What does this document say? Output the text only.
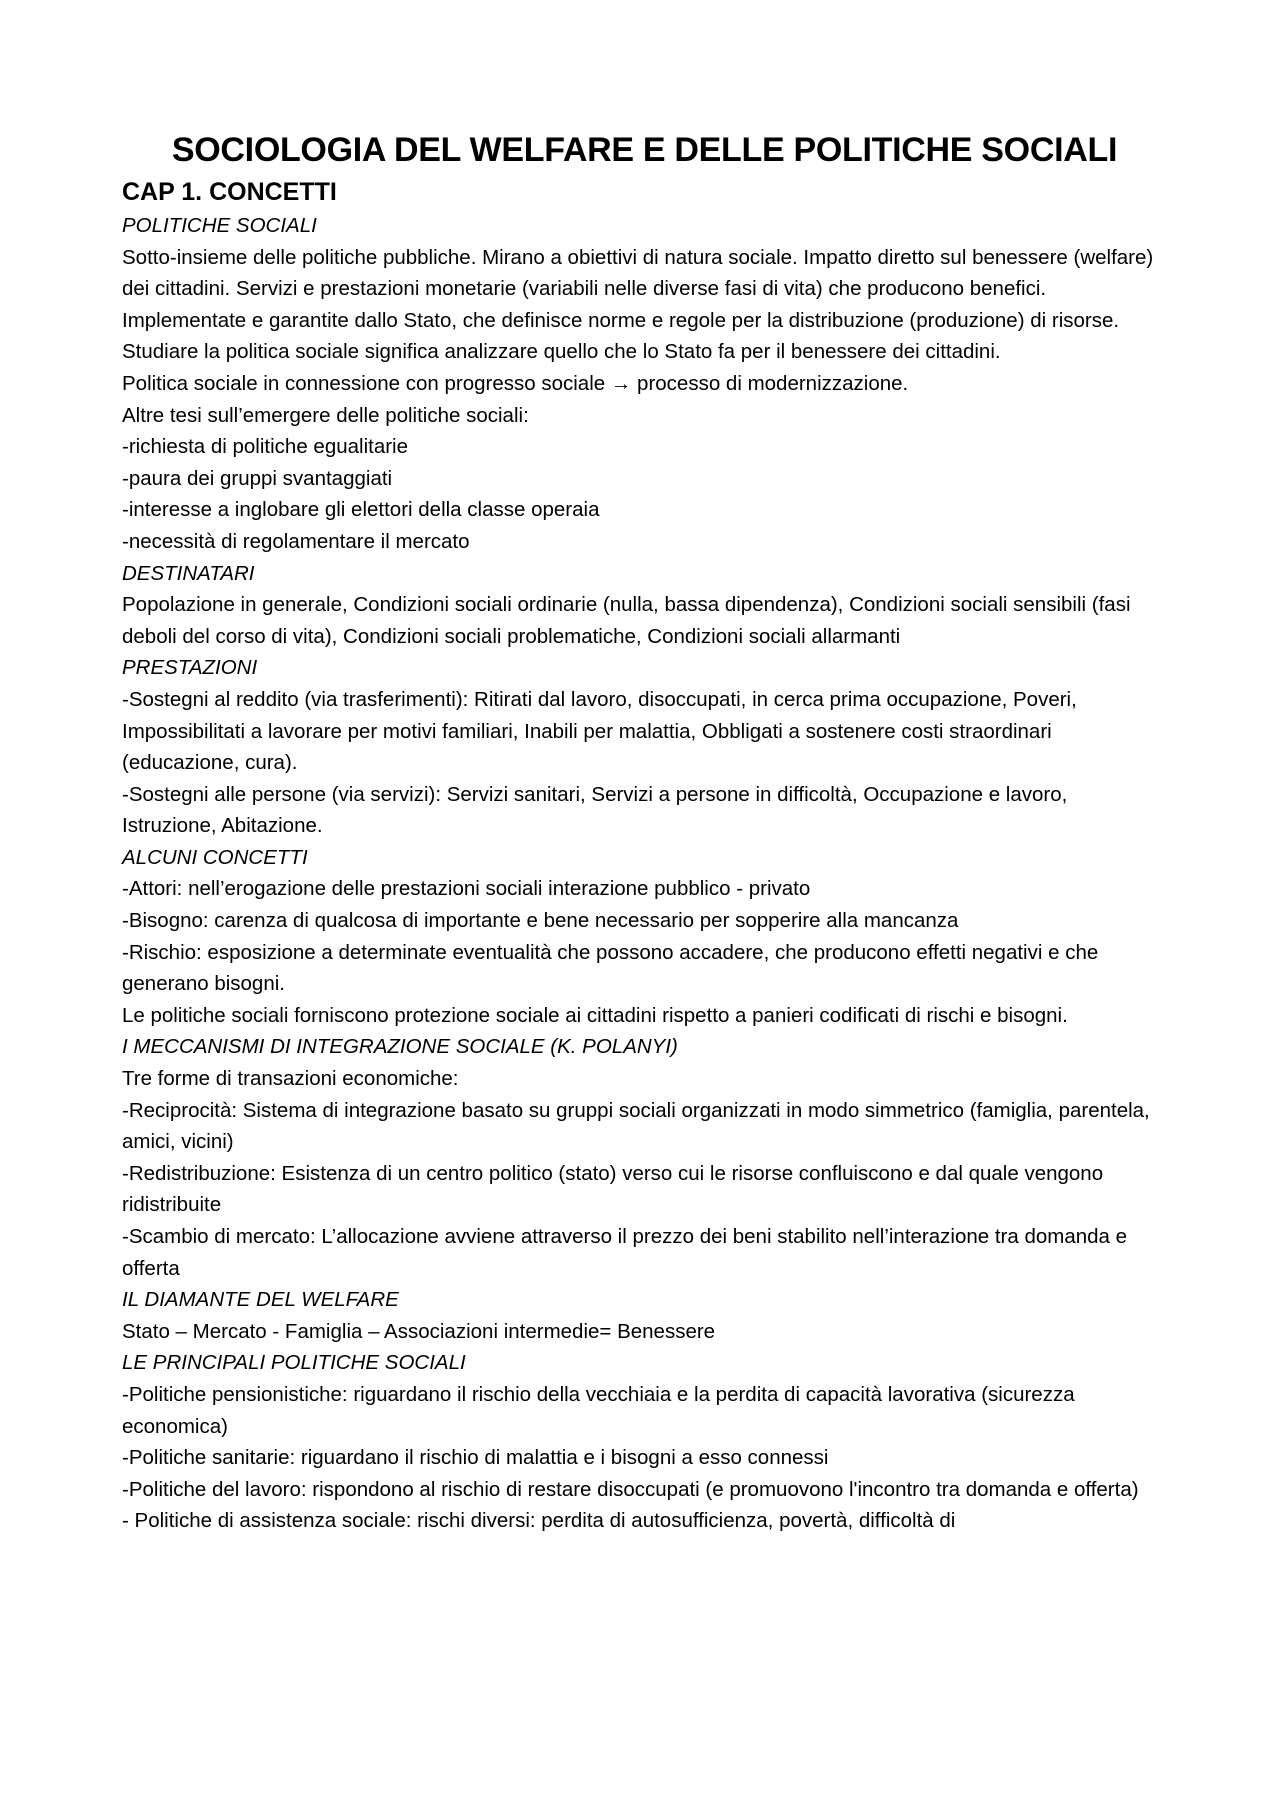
SOCIOLOGIA DEL WELFARE E DELLE POLITICHE SOCIALI
CAP 1. CONCETTI

POLITICHE SOCIALI

Sotto-insieme delle politiche pubbliche. Mirano a obiettivi di natura sociale. Impatto diretto sul benessere (welfare) dei cittadini. Servizi e prestazioni monetarie (variabili nelle diverse fasi di vita) che producono benefici. Implementate e garantite dallo Stato, che definisce norme e regole per la distribuzione (produzione) di risorse.

Studiare la politica sociale significa analizzare quello che lo Stato fa per il benessere dei cittadini.

Politica sociale in connessione con progresso sociale → processo di modernizzazione.

Altre tesi sull’emergere delle politiche sociali:

-richiesta di politiche egualitarie

-paura dei gruppi svantaggiati

-interesse a inglobare gli elettori della classe operaia

-necessità di regolamentare il mercato

DESTINATARI

Popolazione in generale, Condizioni sociali ordinarie (nulla, bassa dipendenza), Condizioni sociali sensibili (fasi deboli del corso di vita), Condizioni sociali problematiche, Condizioni sociali allarmanti

PRESTAZIONI

-Sostegni al reddito (via trasferimenti): Ritirati dal lavoro, disoccupati, in cerca prima occupazione, Poveri, Impossibilitati a lavorare per motivi familiari, Inabili per malattia, Obbligati a sostenere costi straordinari (educazione, cura).

-Sostegni alle persone (via servizi): Servizi sanitari, Servizi a persone in difficoltà, Occupazione e lavoro, Istruzione, Abitazione.

ALCUNI CONCETTI

-Attori: nell’erogazione delle prestazioni sociali interazione pubblico - privato

-Bisogno: carenza di qualcosa di importante e bene necessario per sopperire alla mancanza

-Rischio: esposizione a determinate eventualità che possono accadere, che producono effetti negativi e che generano bisogni.

Le politiche sociali forniscono protezione sociale ai cittadini rispetto a panieri codificati di rischi e bisogni.

I MECCANISMI DI INTEGRAZIONE SOCIALE (K. POLANYI)

Tre forme di transazioni economiche:

-Reciprocità: Sistema di integrazione basato su gruppi sociali organizzati in modo simmetrico (famiglia, parentela, amici, vicini)

-Redistribuzione: Esistenza di un centro politico (stato) verso cui le risorse confluiscono e dal quale vengono ridistribuite

-Scambio di mercato: L’allocazione avviene attraverso il prezzo dei beni stabilito nell’interazione tra domanda e offerta

IL DIAMANTE DEL WELFARE

Stato – Mercato - Famiglia – Associazioni intermedie= Benessere

LE PRINCIPALI POLITICHE SOCIALI

-Politiche pensionistiche: riguardano il rischio della vecchiaia e la perdita di capacità lavorativa (sicurezza economica)

-Politiche sanitarie: riguardano il rischio di malattia e i bisogni a esso connessi

-Politiche del lavoro: rispondono al rischio di restare disoccupati (e promuovono l'incontro tra domanda e offerta)

- Politiche di assistenza sociale: rischi diversi: perdita di autosufficienza, povertà, difficoltà di
